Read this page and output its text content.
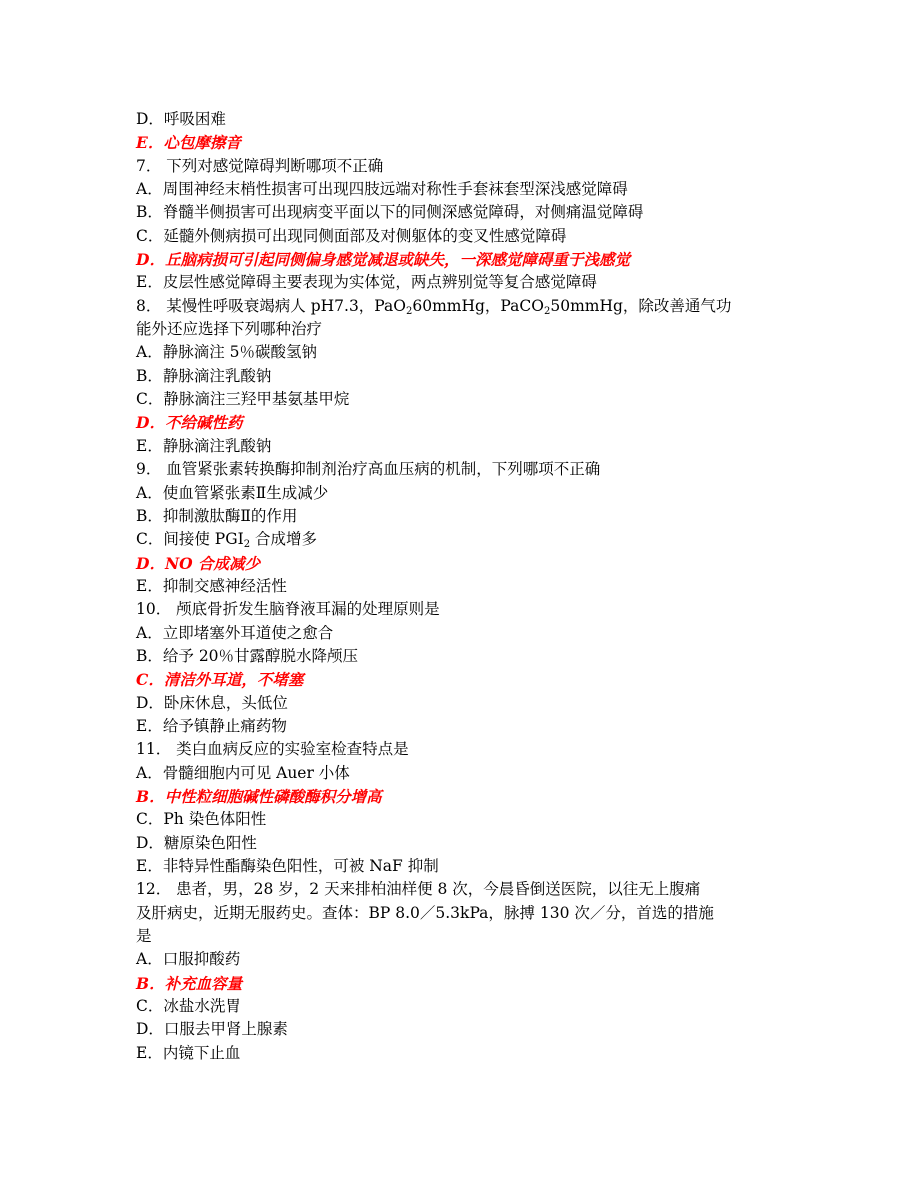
D．呼吸困难
E．心包摩擦音
7． 下列对感觉障碍判断哪项不正确
A．周围神经末梢性损害可出现四肢远端对称性手套袜套型深浅感觉障碍
B．脊髓半侧损害可出现病变平面以下的同侧深感觉障碍，对侧痛温觉障碍
C．延髓外侧病损可出现同侧面部及对侧躯体的变叉性感觉障碍
D．丘脑病损可引起同侧偏身感觉减退或缺失，一深感觉障碍重于浅感觉
E．皮层性感觉障碍主要表现为实体觉，两点辨别觉等复合感觉障碍
8． 某慢性呼吸衰竭病人 pH7.3，PaO$_2$60mmHg，PaCO$_2$50mmHg，除改善通气功
能外还应选择下列哪种治疗
A．静脉滴注 5％碳酸氢钠
B．静脉滴注乳酸钠
C．静脉滴注三羟甲基氨基甲烷
D．不给碱性药
E．静脉滴注乳酸钠
9． 血管紧张素转换酶抑制剂治疗高血压病的机制，下列哪项不正确
A．使血管紧张素Ⅱ生成减少
B．抑制激肽酶Ⅱ的作用
C．间接使 $PGI_2$ 合成增多
D．NO 合成减少
E．抑制交感神经活性
10． 颅底骨折发生脑脊液耳漏的处理原则是
A．立即堵塞外耳道使之愈合
B．给予 20％甘露醇脱水降颅压
C．清洁外耳道，不堵塞
D．卧床休息，头低位
E．给予镇静止痛药物
11． 类白血病反应的实验室检查特点是
A．骨髓细胞内可见 Auer 小体
B．中性粒细胞碱性磷酸酶积分增高
C．Ph 染色体阳性
D．糖原染色阳性
E．非特异性酯酶染色阳性，可被 NaF 抑制
12． 患者，男，28 岁，2 天来排柏油样便 8 次，今晨昏倒送医院，以往无上腹痛
及肝病史，近期无服药史。查体：BP 8.0／5.3kPa，脉搏 130 次／分，首选的措施
是
A．口服抑酸药
B．补充血容量
C．冰盐水洗胃
D．口服去甲肾上腺素
E．内镜下止血
